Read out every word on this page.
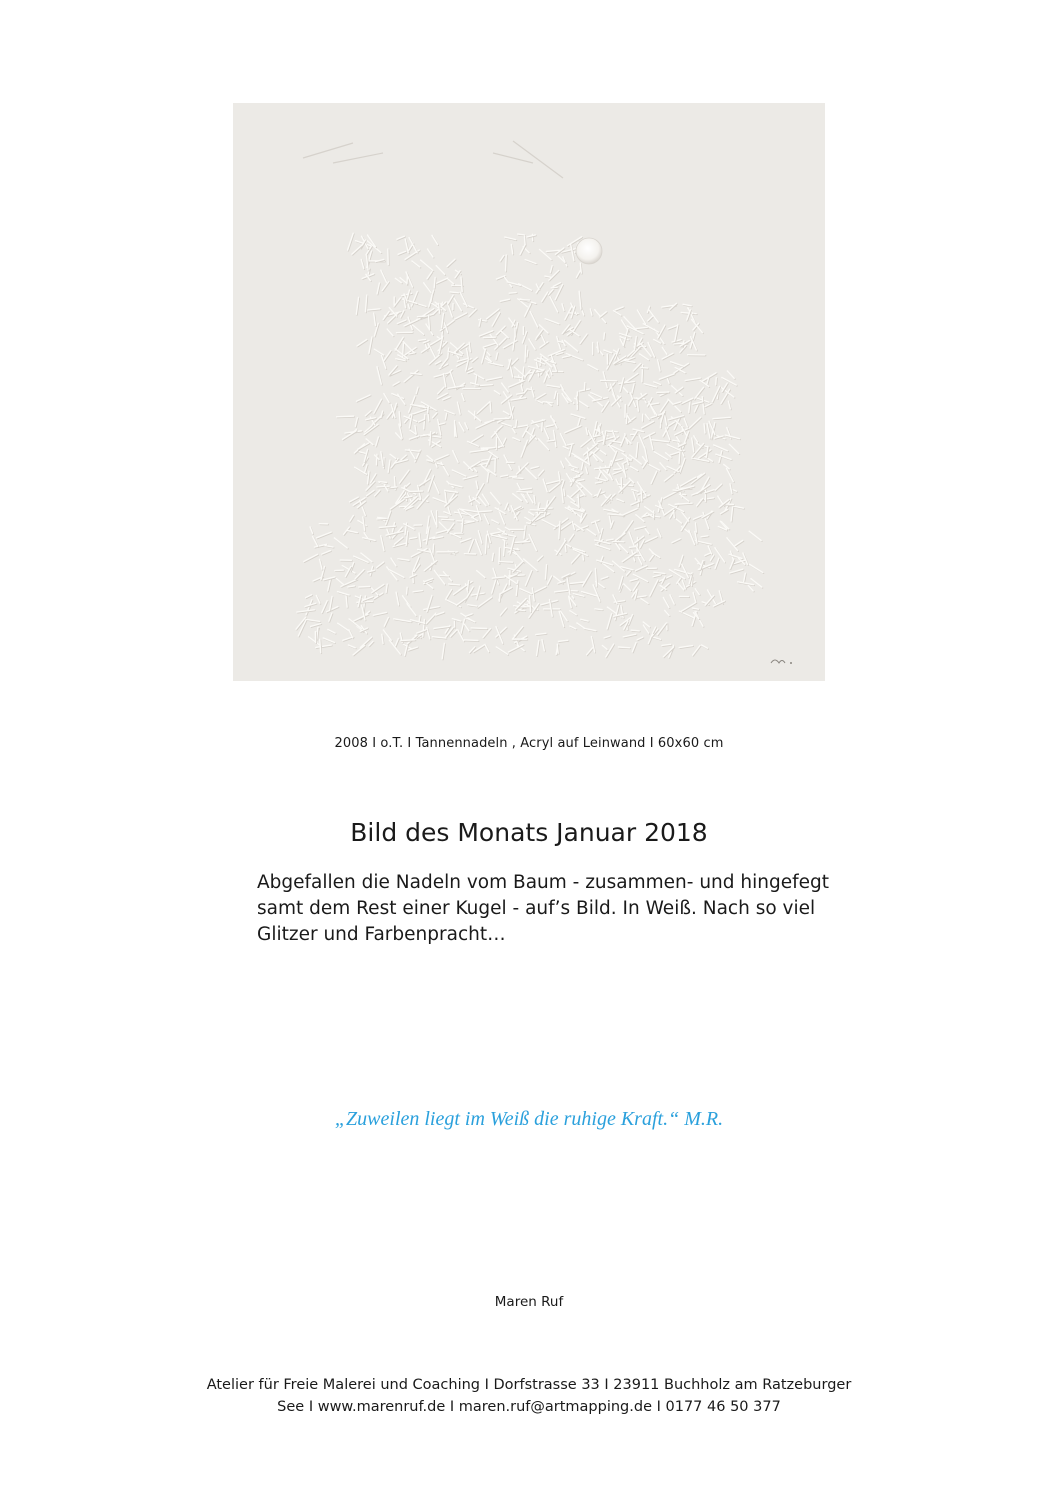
2008 I o.T. I Tannennadeln , Acryl auf Leinwand I 60x60 cm
Bild des Monats Januar 2018

Abgefallen die Nadeln vom Baum - zusammen- und hingefegt samt dem Rest einer Kugel - auf’s Bild. In Weiß. Nach so viel Glitzer und Farbenpracht…

„Zuweilen liegt im Weiß die ruhige Kraft.“ M.R.

Maren Ruf
Atelier für Freie Malerei und Coaching I Dorfstrasse 33 I 23911 Buchholz am Ratzeburger
See I www.marenruf.de I maren.ruf@artmapping.de I 0177 46 50 377
